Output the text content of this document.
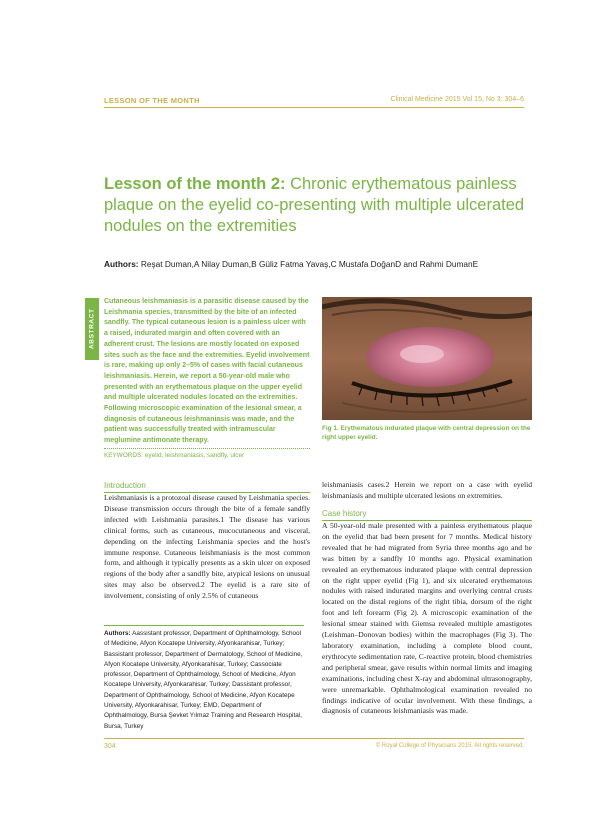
LESSON OF THE MONTH	Clinical Medicine 2015 Vol 15, No 3: 304–6
Lesson of the month 2: Chronic erythematous painless plaque on the eyelid co-presenting with multiple ulcerated nodules on the extremities
Authors: Reşat Duman,A Nilay Duman,B Güliz Fatma Yavaş,C Mustafa DoğanD and Rahmi DumanE
ABSTRACT
Cutaneous leishmaniasis is a parasitic disease caused by the Leishmania species, transmitted by the bite of an infected sandfly. The typical cutaneous lesion is a painless ulcer with a raised, indurated margin and often covered with an adherent crust. The lesions are mostly located on exposed sites such as the face and the extremities. Eyelid involvement is rare, making up only 2–5% of cases with facial cutaneous leishmaniasis. Herein, we report a 50-year-old male who presented with an erythematous plaque on the upper eyelid and multiple ulcerated nodules located on the extremities. Following microscopic examination of the lesional smear, a diagnosis of cutaneous leishmaniasis was made, and the patient was successfully treated with intramuscular meglumine antimonate therapy.
KEYWORDS: eyelid, leishmaniasis, sandfly, ulcer
Fig 1. Erythematous indurated plaque with central depression on the right upper eyelid.
Introduction
Leishmaniasis is a protozoal disease caused by Leishmania species. Disease transmission occurs through the bite of a female sandfly infected with Leishmania parasites.1 The disease has various clinical forms, such as cutaneous, mucocutaneous and visceral, depending on the infecting Leishmania species and the host's immune response. Cutaneous leishmaniasis is the most common form, and although it typically presents as a skin ulcer on exposed regions of the body after a sandfly bite, atypical lesions on unusual sites may also be observed.2 The eyelid is a rare site of involvement, consisting of only 2.5% of cutaneous
leishmaniasis cases.2 Herein we report on a case with eyelid leishmaniasis and multiple ulcerated lesions on extremities.
Case history
A 50-year-old male presented with a painless erythematous plaque on the eyelid that had been present for 7 months. Medical history revealed that he had migrated from Syria three months ago and he was bitten by a sandfly 10 months ago. Physical examination revealed an erythematous indurated plaque with central depression on the right upper eyelid (Fig 1), and six ulcerated erythematous nodules with raised indurated margins and overlying central crusts located on the distal regions of the right tibia, dorsum of the right foot and left forearm (Fig 2). A microscopic examination of the lesional smear stained with Giemsa revealed multiple amastigotes (Leishman–Donovan bodies) within the macrophages (Fig 3). The laboratory examination, including a complete blood count, erythrocyte sedimentation rate, C-reactive protein, blood chemistries and peripheral smear, gave results within normal limits and imaging examinations, including chest X-ray and abdominal ultrasonography, were unremarkable. Ophthalmological examination revealed no findings indicative of ocular involvement. With these findings, a diagnosis of cutaneous leishmaniasis was made.
Authors: Aassistant professor, Department of Ophthalmology, School of Medicine, Afyon Kocatepe University, Afyonkarahisar, Turkey; Bassistant professor, Department of Dermatology, School of Medicine, Afyon Kocatepe University, Afyonkarahisar, Turkey; Cassociate professor, Department of Ophthalmology, School of Medicine, Afyon Kocatepe University, Afyonkarahisar, Turkey; Dassistant professor, Department of Ophthalmology, School of Medicine, Afyon Kocatepe University, Afyonkarahisar, Turkey; EMD, Department of Ophthalmology, Bursa Şevket Yılmaz Training and Research Hospital, Bursa, Turkey
304	© Royal College of Physicians 2015. All rights reserved.
